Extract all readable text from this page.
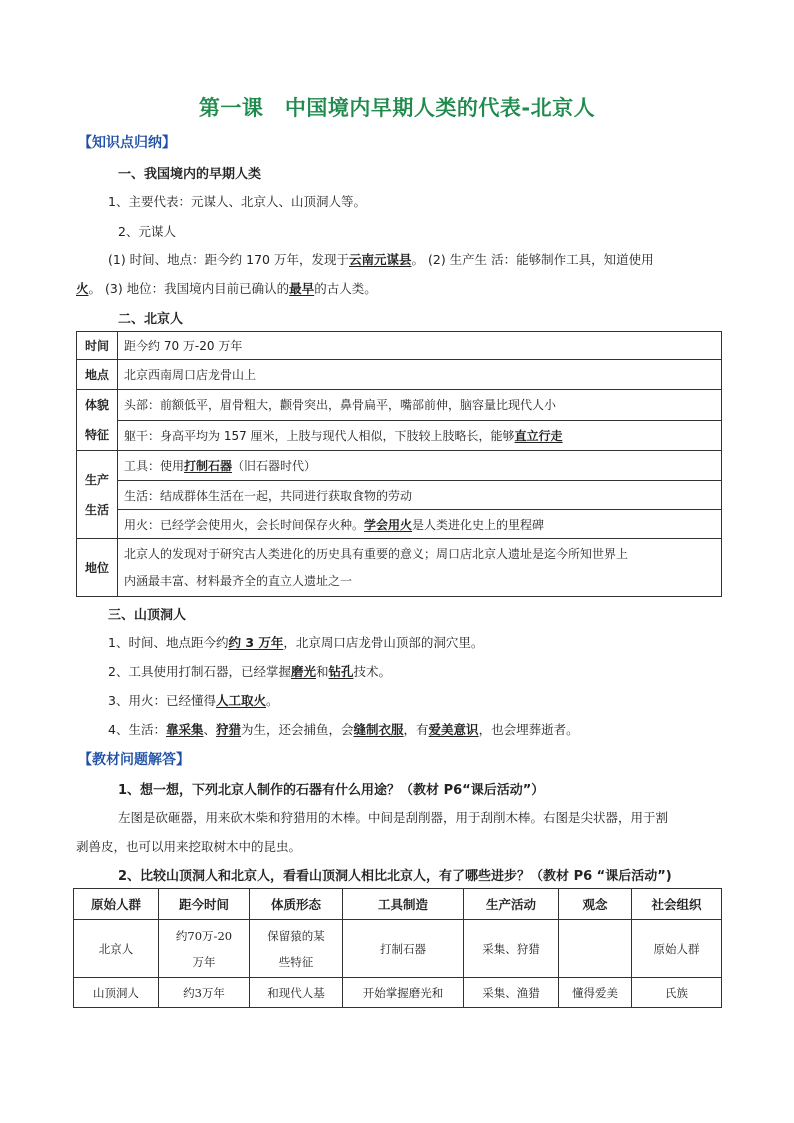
第一课　中国境内早期人类的代表-北京人
【知识点归纳】
一、我国境内的早期人类
1、主要代表：元谋人、北京人、山顶洞人等。
2、元谋人
(1) 时间、地点：距今约 170 万年，发现于云南元谋县。 (2) 生产生 活：能够制作工具，知道使用
火。 (3) 地位：我国境内目前已确认的最早的古人类。
二、北京人
时间	距今约 70 万-20 万年
地点	北京西南周口店龙骨山上
体貌
特征	头部：前额低平，眉骨粗大，颧骨突出，鼻骨扁平，嘴部前伸，脑容量比现代人小
	躯干：身高平均为 157 厘米，上肢与现代人相似，下肢较上肢略长，能够直立行走
生产
生活	工具：使用打制石器（旧石器时代）
	生活：结成群体生活在一起，共同进行获取食物的劳动
	用火：已经学会使用火，会长时间保存火种。学会用火是人类进化史上的里程碑
地位	北京人的发现对于研究古人类进化的历史具有重要的意义；周口店北京人遗址是迄今所知世界上
内涵最丰富、材料最齐全的直立人遗址之一
三、山顶洞人
1、时间、地点距今约约 3 万年，北京周口店龙骨山顶部的洞穴里。
2、工具使用打制石器，已经掌握磨光和钻孔技术。
3、用火：已经懂得人工取火。
4、生活：靠采集、狩猎为生，还会捕鱼，会缝制衣服，有爱美意识，也会埋葬逝者。
【教材问题解答】
1、想一想，下列北京人制作的石器有什么用途？（教材 P6“课后活动”）
左图是砍砸器，用来砍木柴和狩猎用的木棒。中间是刮削器，用于刮削木棒。右图是尖状器，用于割
剥兽皮，也可以用来挖取树木中的昆虫。
2、比较山顶洞人和北京人，看看山顶洞人相比北京人，有了哪些进步？（教材 P6 “课后活动”)
原始人群	距今时间	体质形态	工具制造	生产活动	观念	社会组织
北京人	约70万-20万年	保留猿的某些特征	打制石器	采集、狩猎		原始人群
山顶洞人	约3万年	和现代人基	开始掌握磨光和	采集、渔猎	懂得爱美	氏族
